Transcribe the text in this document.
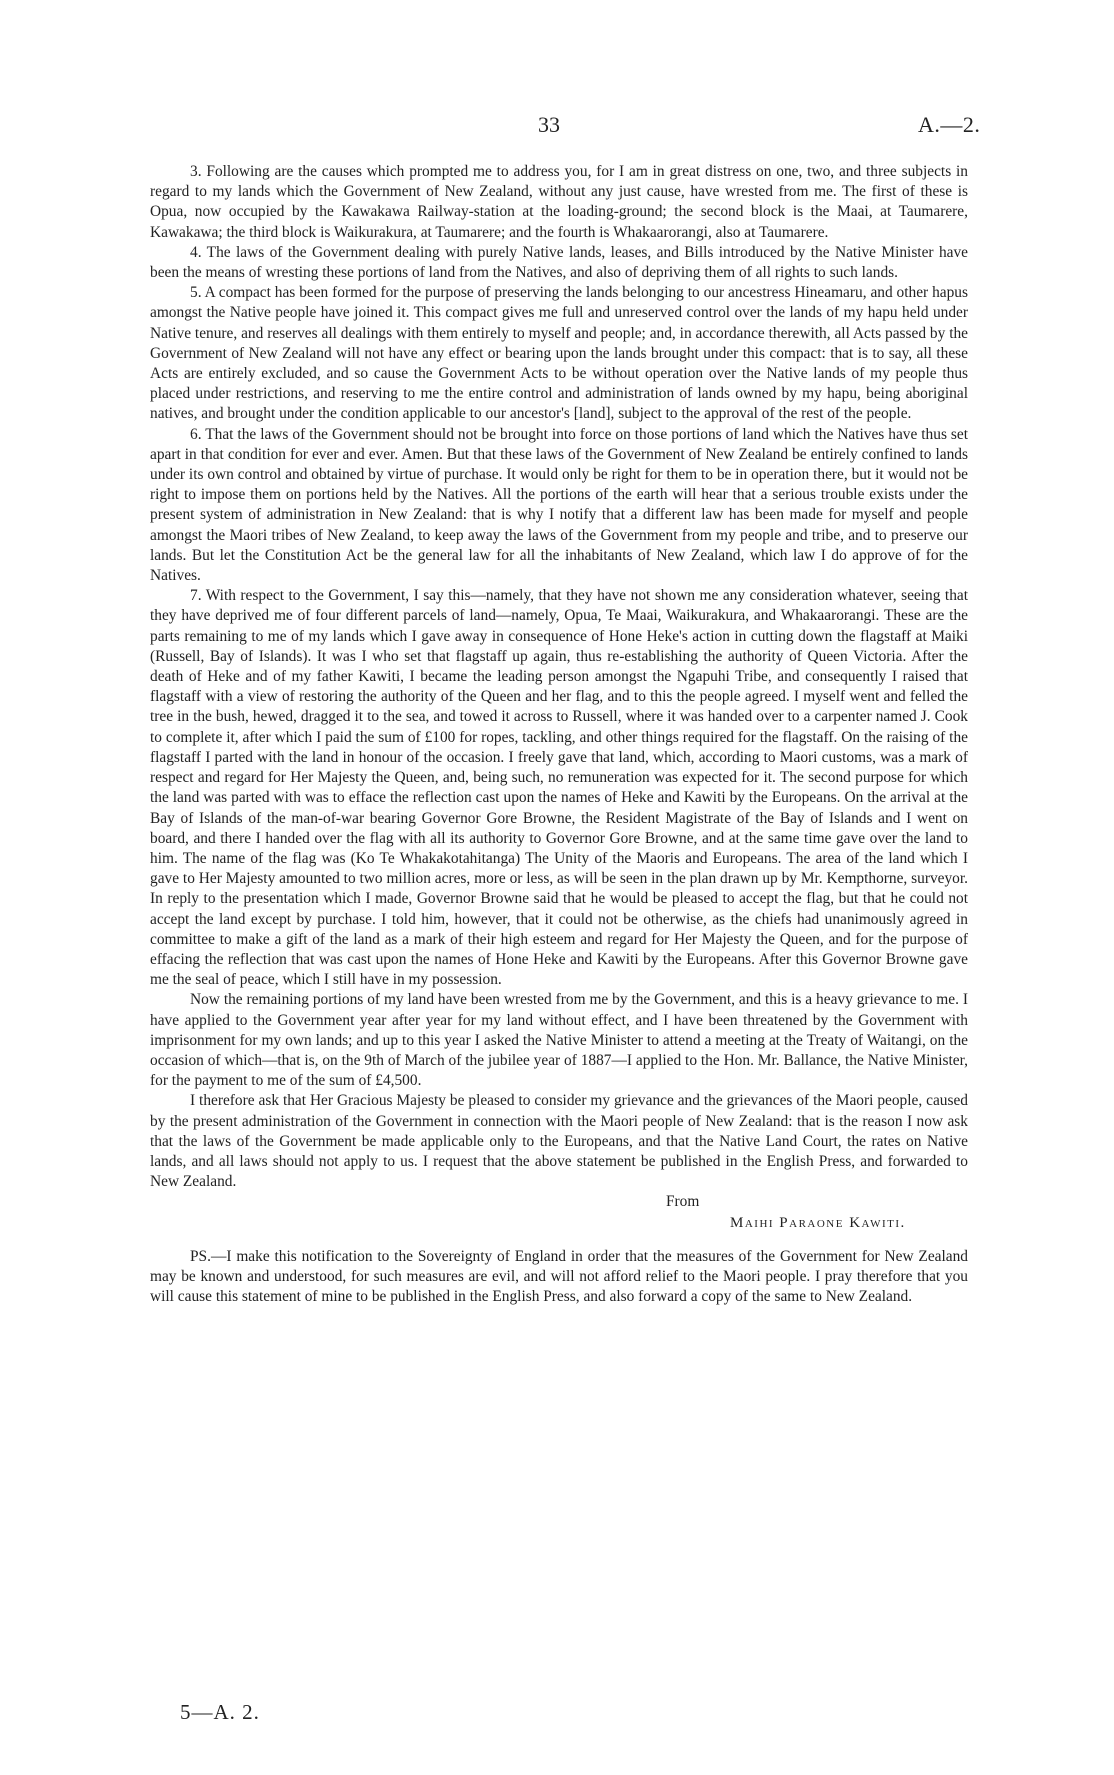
33	A.—2.

3. Following are the causes which prompted me to address you, for I am in great distress on one, two, and three subjects in regard to my lands which the Government of New Zealand, without any just cause, have wrested from me. The first of these is Opua, now occupied by the Kawakawa Railway-station at the loading-ground; the second block is the Maai, at Taumarere, Kawakawa; the third block is Waikurakura, at Taumarere; and the fourth is Whakaarorangi, also at Taumarere.

4. The laws of the Government dealing with purely Native lands, leases, and Bills introduced by the Native Minister have been the means of wresting these portions of land from the Natives, and also of depriving them of all rights to such lands.

5. A compact has been formed for the purpose of preserving the lands belonging to our ancestress Hineamaru, and other hapus amongst the Native people have joined it. This compact gives me full and unreserved control over the lands of my hapu held under Native tenure, and reserves all dealings with them entirely to myself and people; and, in accordance therewith, all Acts passed by the Government of New Zealand will not have any effect or bearing upon the lands brought under this compact: that is to say, all these Acts are entirely excluded, and so cause the Government Acts to be without operation over the Native lands of my people thus placed under restrictions, and reserving to me the entire control and administration of lands owned by my hapu, being aboriginal natives, and brought under the condition applicable to our ancestor's [land], subject to the approval of the rest of the people.

6. That the laws of the Government should not be brought into force on those portions of land which the Natives have thus set apart in that condition for ever and ever. Amen. But that these laws of the Government of New Zealand be entirely confined to lands under its own control and obtained by virtue of purchase. It would only be right for them to be in operation there, but it would not be right to impose them on portions held by the Natives. All the portions of the earth will hear that a serious trouble exists under the present system of administration in New Zealand: that is why I notify that a different law has been made for myself and people amongst the Maori tribes of New Zealand, to keep away the laws of the Government from my people and tribe, and to preserve our lands. But let the Constitution Act be the general law for all the inhabitants of New Zealand, which law I do approve of for the Natives.

7. With respect to the Government, I say this—namely, that they have not shown me any consideration whatever, seeing that they have deprived me of four different parcels of land—namely, Opua, Te Maai, Waikurakura, and Whakaarorangi. These are the parts remaining to me of my lands which I gave away in consequence of Hone Heke's action in cutting down the flagstaff at Maiki (Russell, Bay of Islands). It was I who set that flagstaff up again, thus re-establishing the authority of Queen Victoria. After the death of Heke and of my father Kawiti, I became the leading person amongst the Ngapuhi Tribe, and consequently I raised that flagstaff with a view of restoring the authority of the Queen and her flag, and to this the people agreed. I myself went and felled the tree in the bush, hewed, dragged it to the sea, and towed it across to Russell, where it was handed over to a carpenter named J. Cook to complete it, after which I paid the sum of £100 for ropes, tackling, and other things required for the flagstaff. On the raising of the flagstaff I parted with the land in honour of the occasion. I freely gave that land, which, according to Maori customs, was a mark of respect and regard for Her Majesty the Queen, and, being such, no remuneration was expected for it. The second purpose for which the land was parted with was to efface the reflection cast upon the names of Heke and Kawiti by the Europeans. On the arrival at the Bay of Islands of the man-of-war bearing Governor Gore Browne, the Resident Magistrate of the Bay of Islands and I went on board, and there I handed over the flag with all its authority to Governor Gore Browne, and at the same time gave over the land to him. The name of the flag was (Ko Te Whakakotahitanga) The Unity of the Maoris and Europeans. The area of the land which I gave to Her Majesty amounted to two million acres, more or less, as will be seen in the plan drawn up by Mr. Kempthorne, surveyor. In reply to the presentation which I made, Governor Browne said that he would be pleased to accept the flag, but that he could not accept the land except by purchase. I told him, however, that it could not be otherwise, as the chiefs had unanimously agreed in committee to make a gift of the land as a mark of their high esteem and regard for Her Majesty the Queen, and for the purpose of effacing the reflection that was cast upon the names of Hone Heke and Kawiti by the Europeans. After this Governor Browne gave me the seal of peace, which I still have in my possession.

Now the remaining portions of my land have been wrested from me by the Government, and this is a heavy grievance to me. I have applied to the Government year after year for my land without effect, and I have been threatened by the Government with imprisonment for my own lands; and up to this year I asked the Native Minister to attend a meeting at the Treaty of Waitangi, on the occasion of which—that is, on the 9th of March of the jubilee year of 1887—I applied to the Hon. Mr. Ballance, the Native Minister, for the payment to me of the sum of £4,500.

I therefore ask that Her Gracious Majesty be pleased to consider my grievance and the grievances of the Maori people, caused by the present administration of the Government in connection with the Maori people of New Zealand: that is the reason I now ask that the laws of the Government be made applicable only to the Europeans, and that the Native Land Court, the rates on Native lands, and all laws should not apply to us. I request that the above statement be published in the English Press, and forwarded to New Zealand.

From

Maihi Paraone Kawiti.

PS.—I make this notification to the Sovereignty of England in order that the measures of the Government for New Zealand may be known and understood, for such measures are evil, and will not afford relief to the Maori people. I pray therefore that you will cause this statement of mine to be published in the English Press, and also forward a copy of the same to New Zealand.

5—A. 2.
